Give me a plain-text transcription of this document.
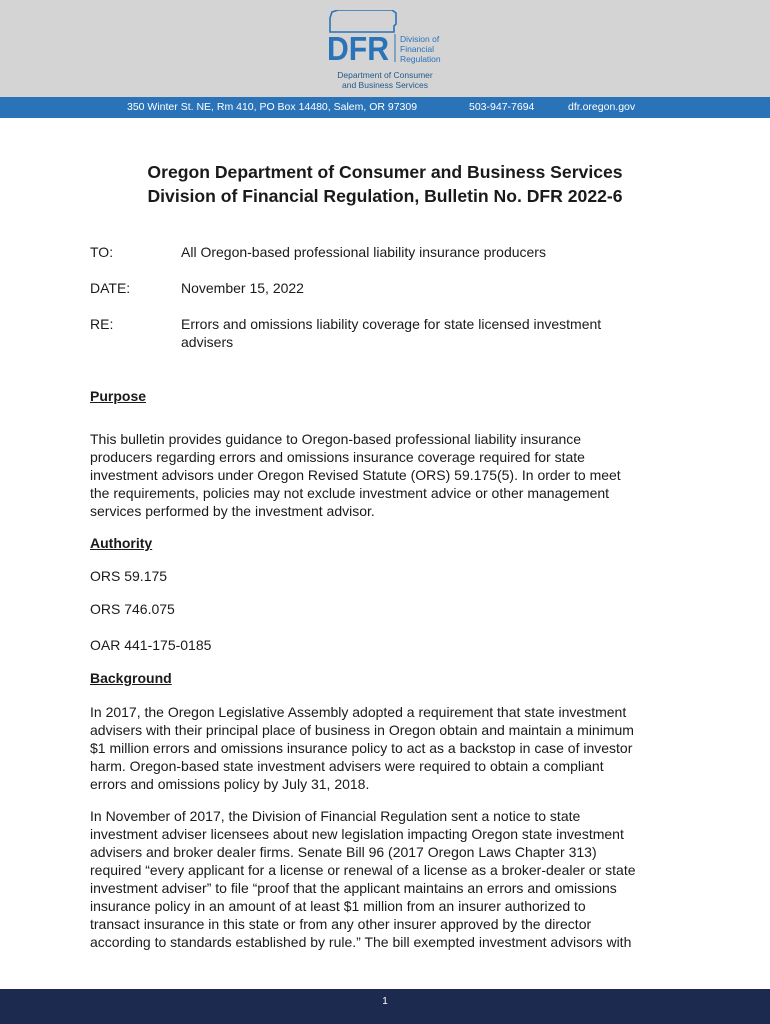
DFR Division of
Financial
Regulation
Department of Consumer
and Business Services
350 Winter St. NE, Rm 410, PO Box 14480, Salem, OR 97309	503-947-7694	dfr.oregon.gov
Oregon Department of Consumer and Business Services
Division of Financial Regulation, Bulletin No. DFR 2022-6
TO:	All Oregon-based professional liability insurance producers
DATE:	November 15, 2022
RE:	Errors and omissions liability coverage for state licensed investment
advisers
Purpose
This bulletin provides guidance to Oregon-based professional liability insurance
producers regarding errors and omissions insurance coverage required for state
investment advisors under Oregon Revised Statute (ORS) 59.175(5). In order to meet
the requirements, policies may not exclude investment advice or other management
services performed by the investment advisor.
Authority
ORS 59.175
ORS 746.075
OAR 441-175-0185
Background
In 2017, the Oregon Legislative Assembly adopted a requirement that state investment
advisers with their principal place of business in Oregon obtain and maintain a minimum
$1 million errors and omissions insurance policy to act as a backstop in case of investor
harm. Oregon-based state investment advisers were required to obtain a compliant
errors and omissions policy by July 31, 2018.
In November of 2017, the Division of Financial Regulation sent a notice to state
investment adviser licensees about new legislation impacting Oregon state investment
advisers and broker dealer firms. Senate Bill 96 (2017 Oregon Laws Chapter 313)
required “every applicant for a license or renewal of a license as a broker-dealer or state
investment adviser” to file “proof that the applicant maintains an errors and omissions
insurance policy in an amount of at least $1 million from an insurer authorized to
transact insurance in this state or from any other insurer approved by the director
according to standards established by rule.” The bill exempted investment advisors with
1
